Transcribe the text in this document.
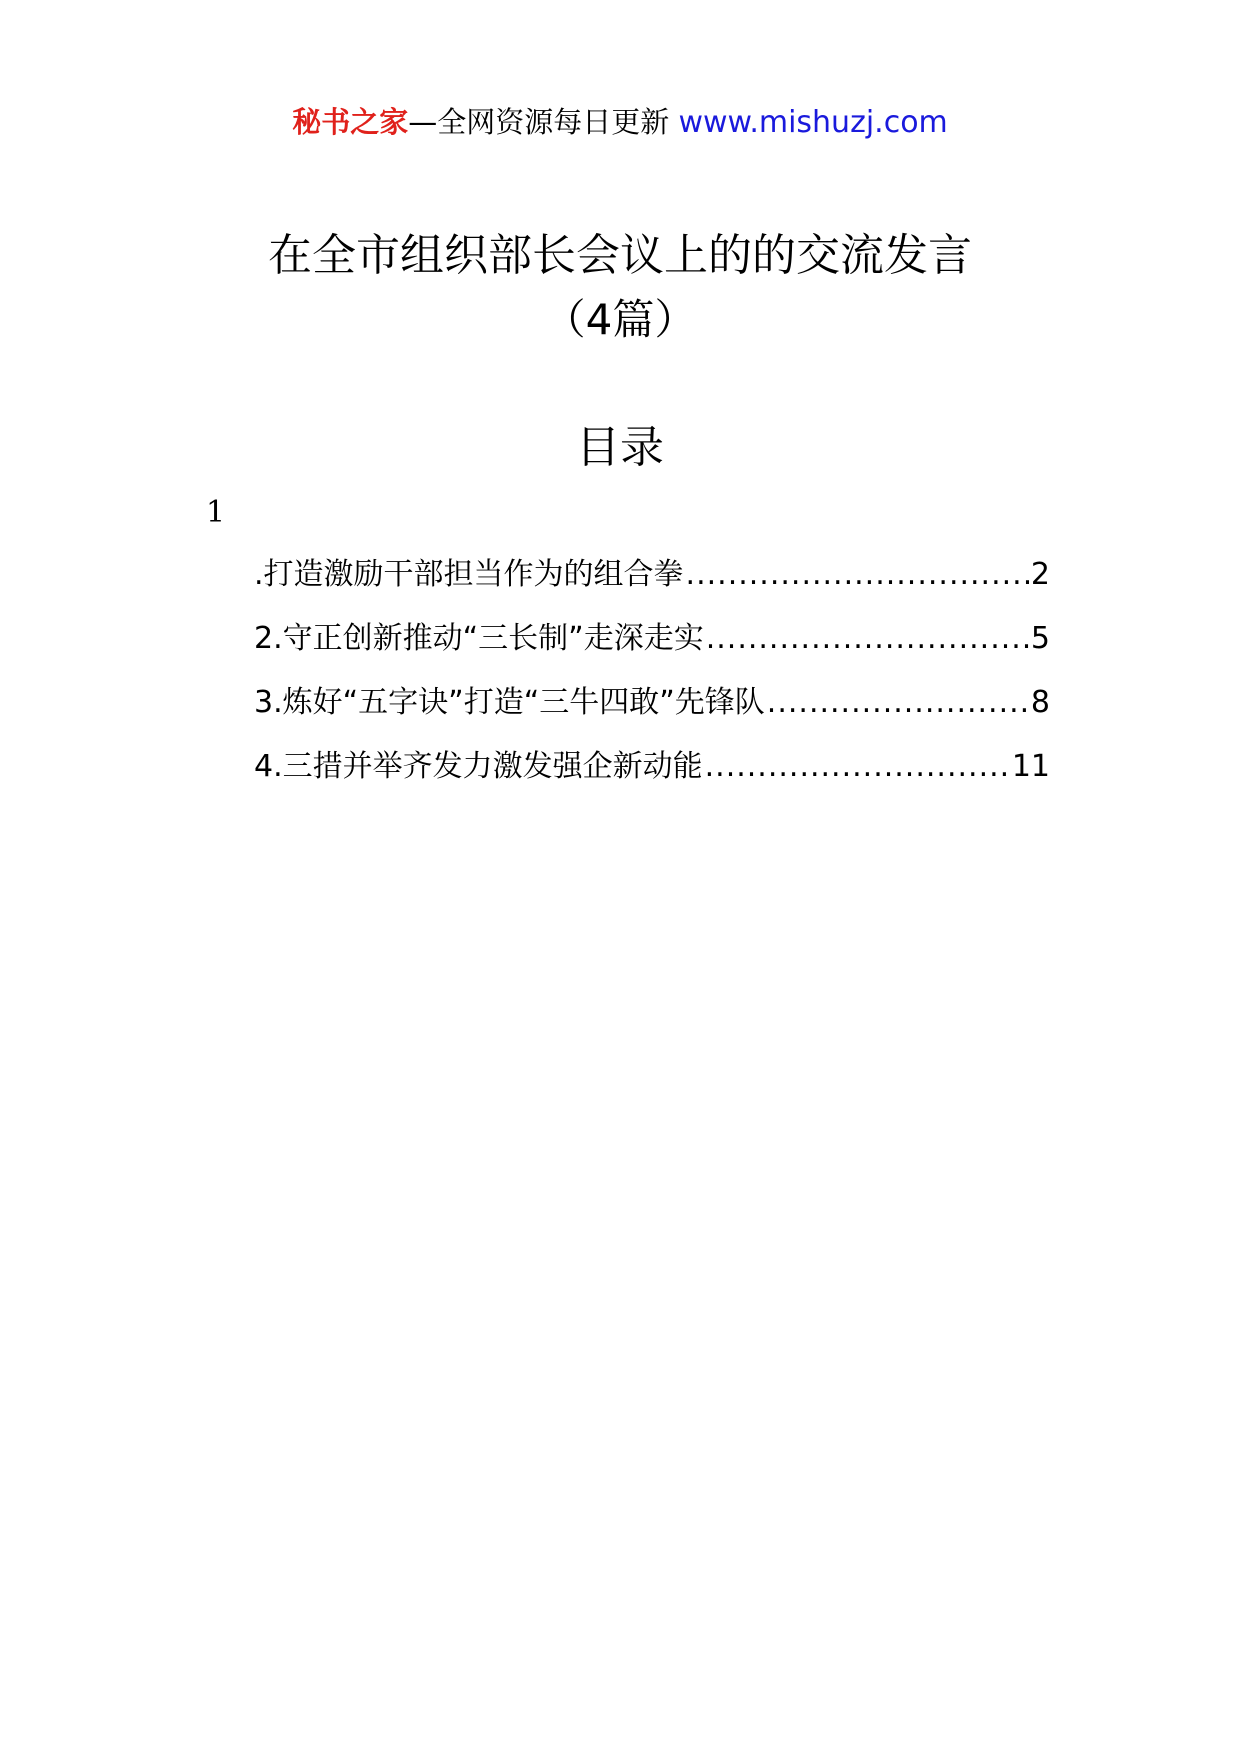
秘书之家—全网资源每日更新 www.mishuzj.com
在全市组织部长会议上的的交流发言
（4篇）
目录
1
.打造激励干部担当作为的组合拳 .....	2
2.守正创新推动“三长制”走深走实 .....	5
3.炼好“五字诀”打造“三牛四敢”先锋队 .....	8
4.三措并举齐发力激发强企新动能 .....	11
